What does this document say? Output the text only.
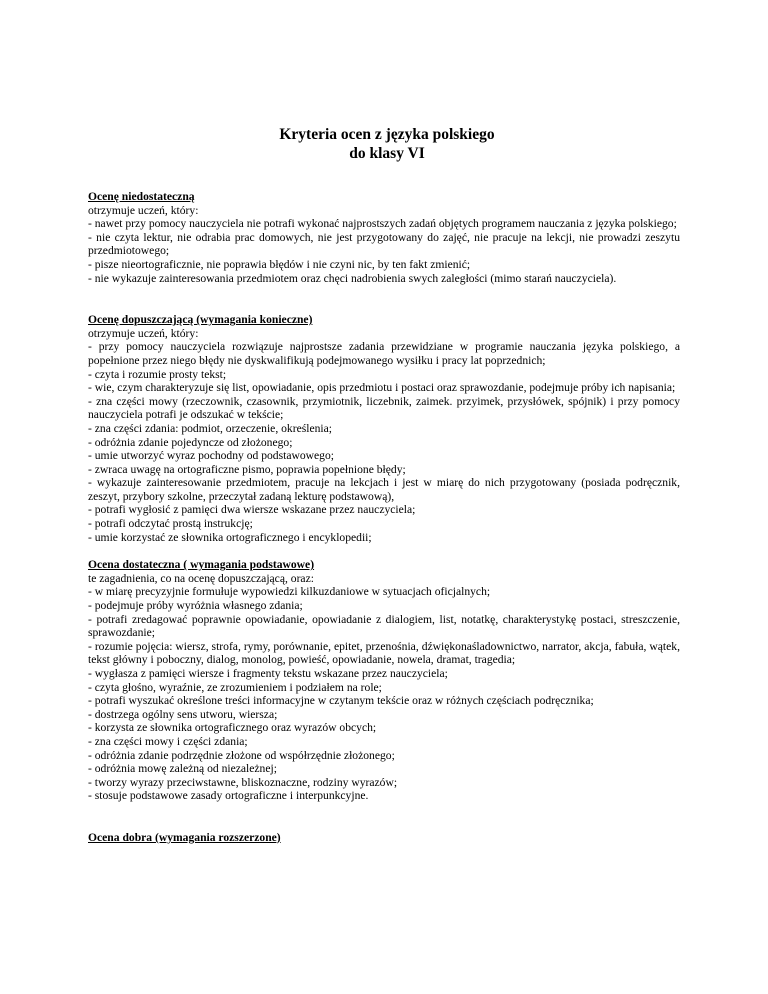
Kryteria ocen z języka polskiego
do klasy VI

Ocenę niedostateczną

otrzymuje uczeń, który:

- nawet przy pomocy nauczyciela nie potrafi wykonać najprostszych zadań objętych programem nauczania z języka polskiego;

- nie czyta lektur, nie odrabia prac domowych, nie jest przygotowany do zajęć, nie pracuje na lekcji, nie prowadzi zeszytu przedmiotowego;

- pisze nieortograficznie, nie poprawia błędów i nie czyni nic, by ten fakt zmienić;

- nie wykazuje zainteresowania przedmiotem oraz chęci nadrobienia swych zaległości (mimo starań nauczyciela).

Ocenę dopuszczającą (wymagania konieczne)

otrzymuje uczeń, który:

- przy pomocy nauczyciela rozwiązuje najprostsze zadania przewidziane w programie nauczania języka polskiego, a popełnione przez niego błędy nie dyskwalifikują podejmowanego wysiłku i pracy lat poprzednich;

- czyta i rozumie prosty tekst;

- wie, czym charakteryzuje się list, opowiadanie, opis przedmiotu i postaci oraz sprawozdanie, podejmuje próby ich napisania;

- zna części mowy (rzeczownik, czasownik, przymiotnik, liczebnik, zaimek. przyimek, przysłówek, spójnik) i przy pomocy nauczyciela potrafi je odszukać w tekście;

- zna części zdania: podmiot, orzeczenie, określenia;

- odróżnia zdanie pojedyncze od złożonego;

- umie utworzyć wyraz pochodny od podstawowego;

- zwraca uwagę na ortograficzne pismo, poprawia popełnione błędy;

- wykazuje zainteresowanie przedmiotem, pracuje na lekcjach i jest w miarę do nich przygotowany (posiada podręcznik, zeszyt, przybory szkolne, przeczytał zadaną lekturę podstawową),

- potrafi wygłosić z pamięci dwa wiersze wskazane przez nauczyciela;

- potrafi odczytać prostą instrukcję;

- umie korzystać ze słownika ortograficznego i encyklopedii;

Ocena dostateczna ( wymagania podstawowe)

te zagadnienia, co na ocenę dopuszczającą, oraz:

- w miarę precyzyjnie formułuje wypowiedzi kilkuzdaniowe w sytuacjach oficjalnych;

- podejmuje próby wyróżnia własnego zdania;

- potrafi zredagować poprawnie opowiadanie, opowiadanie z dialogiem, list, notatkę, charakterystykę postaci, streszczenie, sprawozdanie;

- rozumie pojęcia: wiersz, strofa, rymy, porównanie, epitet, przenośnia, dźwiękonaśladownictwo, narrator, akcja, fabuła, wątek, tekst główny i poboczny, dialog, monolog, powieść, opowiadanie, nowela, dramat, tragedia;

- wygłasza z pamięci wiersze i fragmenty tekstu wskazane przez nauczyciela;

- czyta głośno, wyraźnie, ze zrozumieniem i podziałem na role;

- potrafi wyszukać określone treści informacyjne w czytanym tekście oraz w różnych częściach podręcznika;

- dostrzega ogólny sens utworu, wiersza;

- korzysta ze słownika ortograficznego oraz wyrazów obcych;

- zna części mowy i części zdania;

- odróżnia zdanie podrzędnie złożone od współrzędnie złożonego;

- odróżnia mowę zależną od niezależnej;

- tworzy wyrazy przeciwstawne, bliskoznaczne, rodziny wyrazów;

- stosuje podstawowe zasady ortograficzne i interpunkcyjne.

Ocena dobra (wymagania rozszerzone)
